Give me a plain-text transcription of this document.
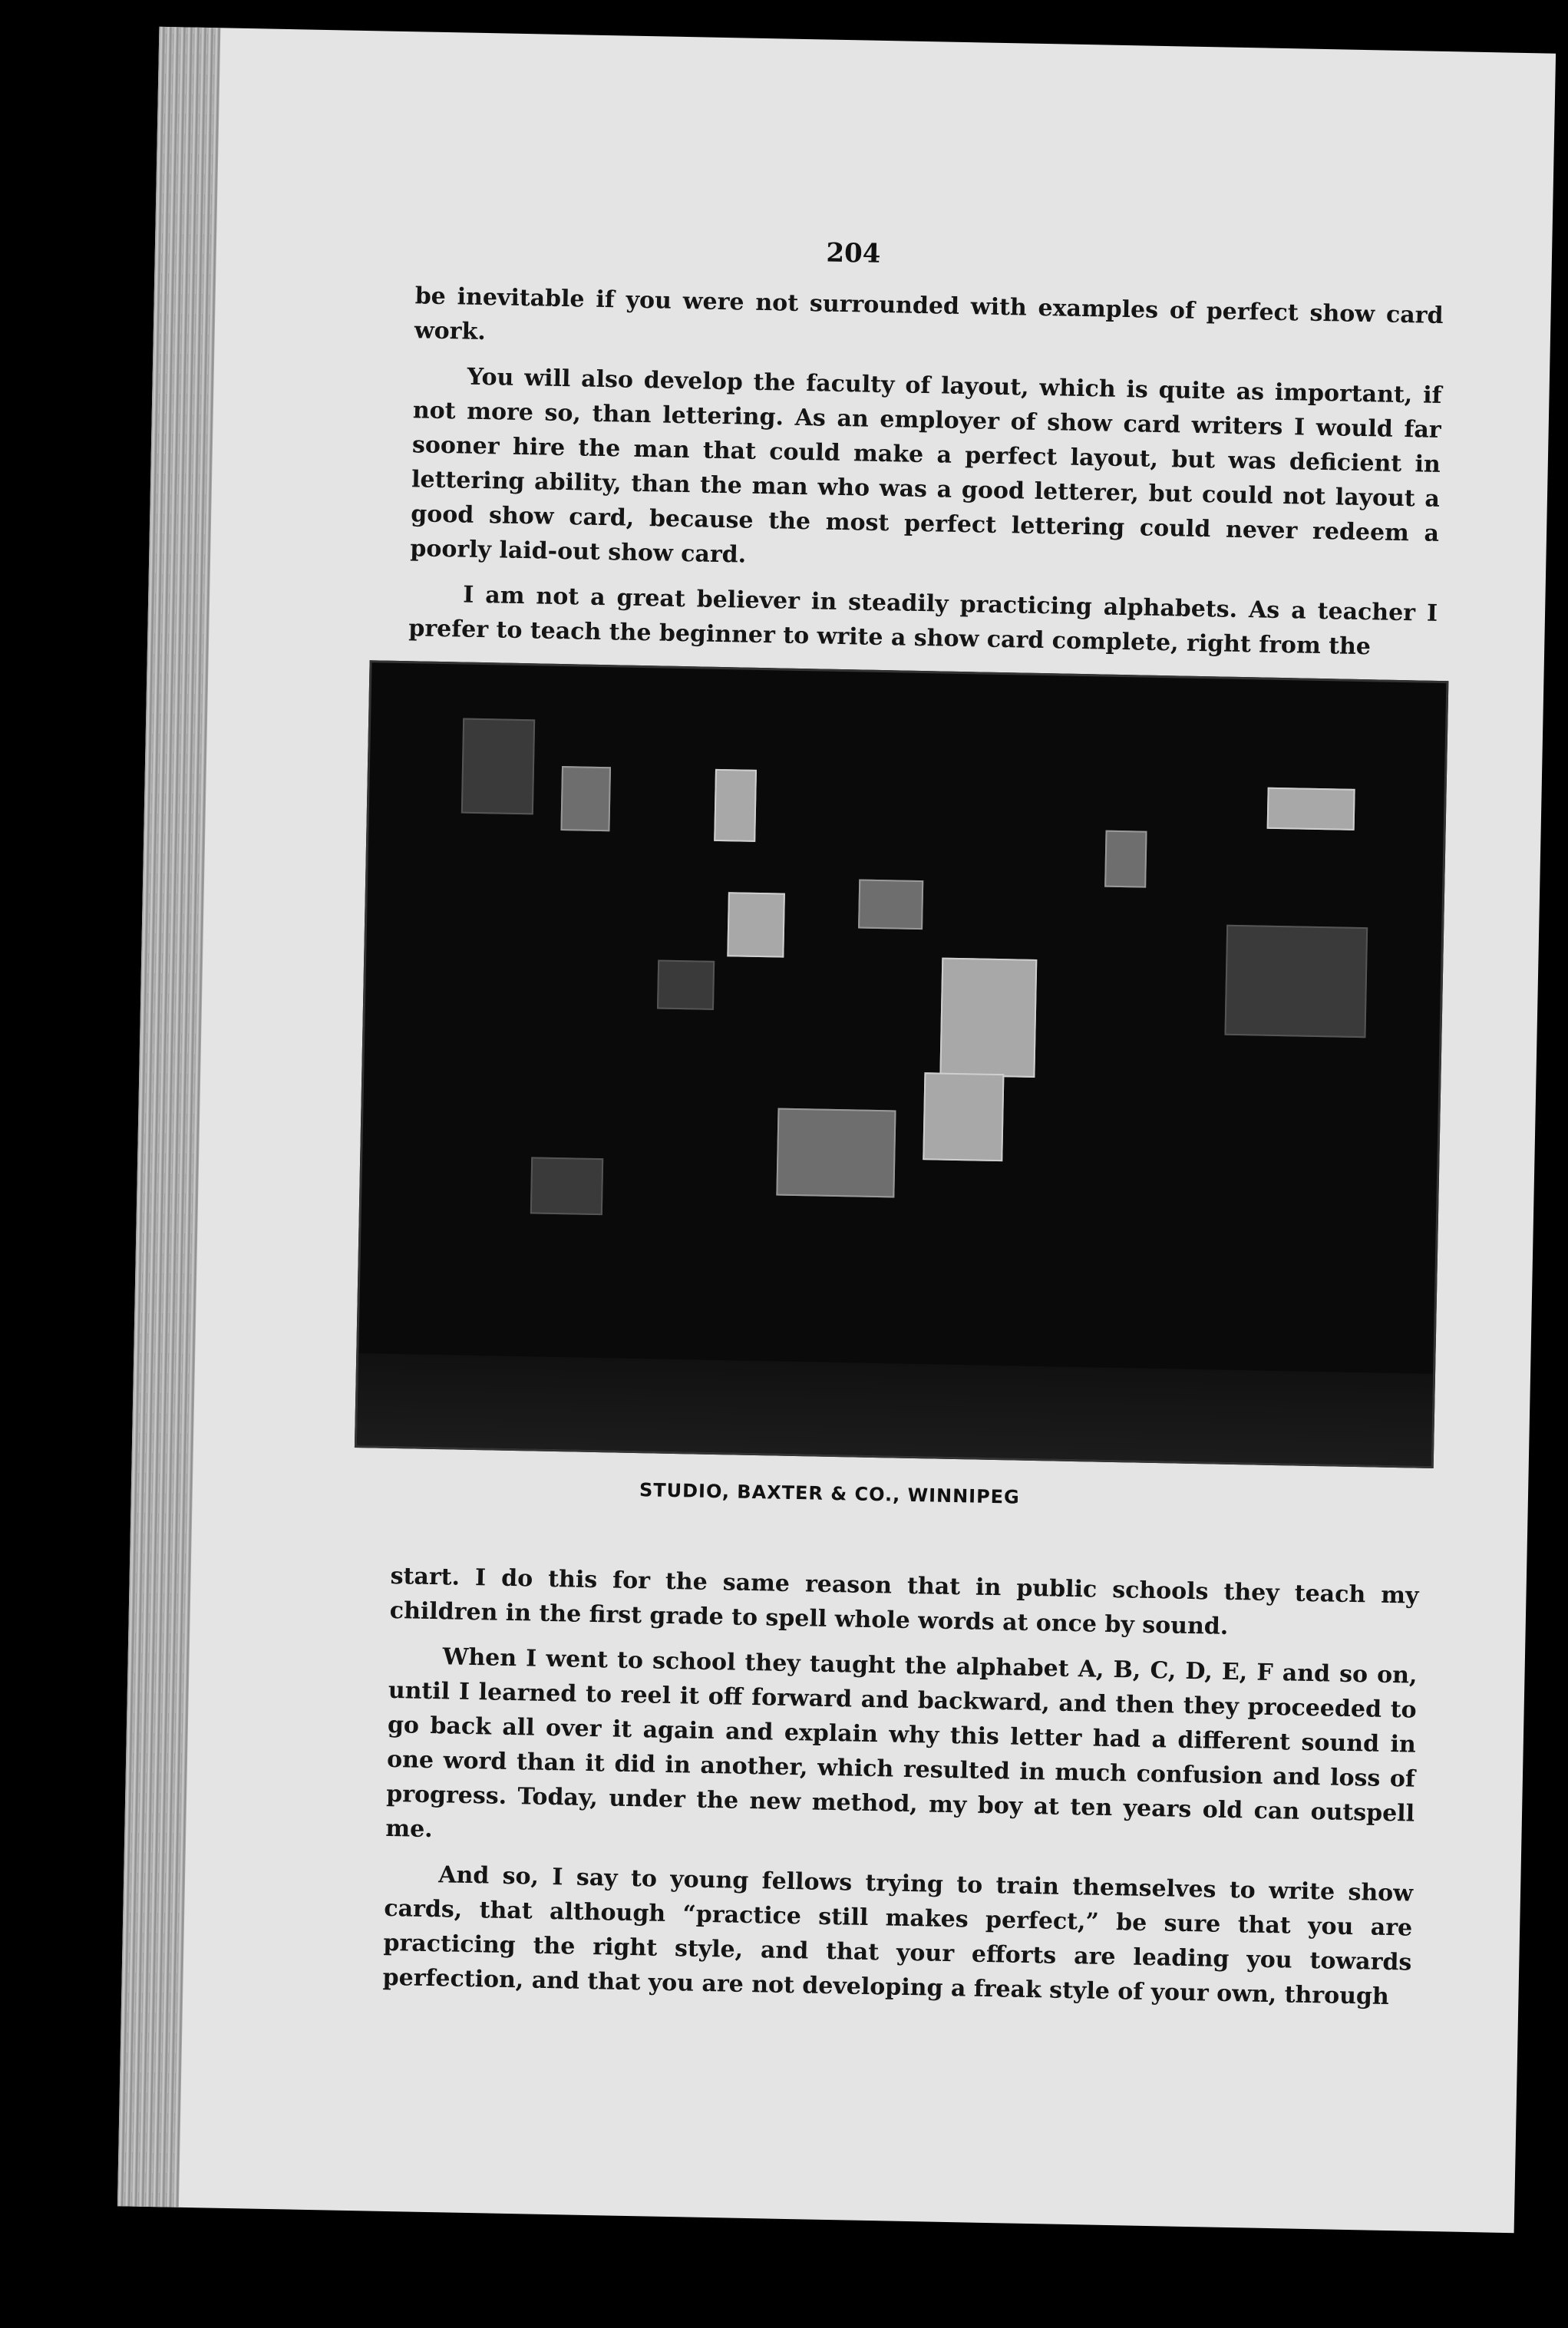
204

be inevitable if you were not surrounded with examples of perfect show card work.

You will also develop the faculty of layout, which is quite as important, if not more so, than lettering. As an employer of show card writers I would far sooner hire the man that could make a perfect layout, but was deficient in lettering ability, than the man who was a good letterer, but could not layout a good show card, because the most perfect lettering could never redeem a poorly laid-out show card.

I am not a great believer in steadily practicing alphabets. As a teacher I prefer to teach the beginner to write a show card complete, right from the

STUDIO, BAXTER & CO., WINNIPEG

start. I do this for the same reason that in public schools they teach my children in the first grade to spell whole words at once by sound.

When I went to school they taught the alphabet A, B, C, D, E, F and so on, until I learned to reel it off forward and backward, and then they proceeded to go back all over it again and explain why this letter had a different sound in one word than it did in another, which resulted in much confusion and loss of progress. Today, under the new method, my boy at ten years old can outspell me.

And so, I say to young fellows trying to train themselves to write show cards, that although “practice still makes perfect,” be sure that you are practicing the right style, and that your efforts are leading you towards perfection, and that you are not developing a freak style of your own, through
